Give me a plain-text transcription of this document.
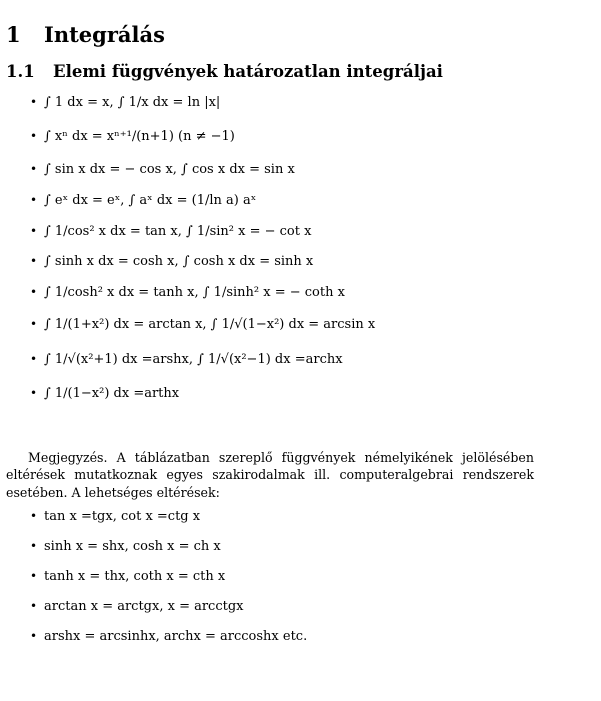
1 Integrálás
1.1 Elemi függvények határozatlan integráljai
• ∫ 1 dx = x, ∫ 1/x dx = ln |x|
• ∫ xⁿ dx = xⁿ⁺¹/(n+1) (n ≠ −1)
• ∫ sin x dx = − cos x, ∫ cos x dx = sin x
• ∫ eˣ dx = eˣ, ∫ aˣ dx = (1/ln a) aˣ
• ∫ 1/cos² x dx = tan x, ∫ 1/sin² x = − cot x
• ∫ sinh x dx = cosh x, ∫ cosh x dx = sinh x
• ∫ 1/cosh² x dx = tanh x, ∫ 1/sinh² x = − coth x
• ∫ 1/(1+x²) dx = arctan x, ∫ 1/√(1−x²) dx = arcsin x
• ∫ 1/√(x²+1) dx =arshx, ∫ 1/√(x²−1) dx =archx
• ∫ 1/(1−x²) dx =arthx

Megjegyzés. A táblázatban szereplő függvények némelyikének jelölésében eltérések mutatkoznak egyes szakirodalmak ill. computeralgebrai rendszerek esetében. A lehetséges eltérések:

• tan x =tgx, cot x =ctg x
• sinh x = shx, cosh x = ch x
• tanh x = thx, coth x = cth x
• arctan x = arctgx, x = arcctgx
• arshx = arcsinhx, archx = arccoshx etc.
